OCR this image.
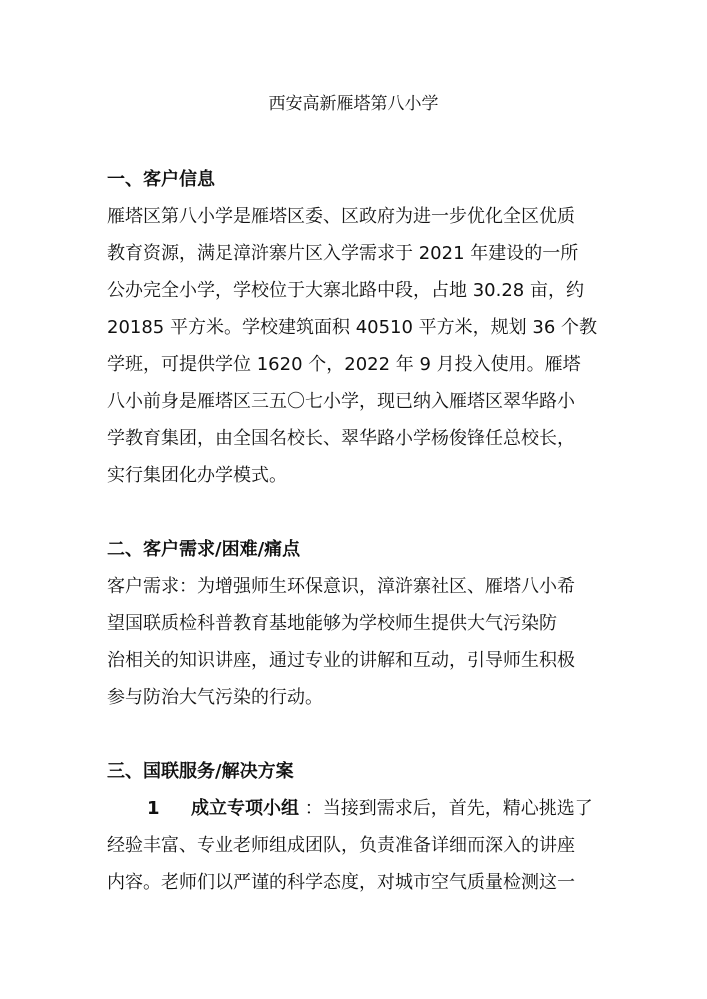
西安高新雁塔第八小学
一、客户信息
雁塔区第八小学是雁塔区委、区政府为进一步优化全区优质
教育资源，满足漳浒寨片区入学需求于 2021 年建设的一所
公办完全小学，学校位于大寨北路中段，占地 30.28 亩，约
20185 平方米。学校建筑面积 40510 平方米，规划 36 个教
学班，可提供学位 1620 个，2022 年 9 月投入使用。雁塔
八小前身是雁塔区三五〇七小学，现已纳入雁塔区翠华路小
学教育集团，由全国名校长、翠华路小学杨俊锋任总校长，
实行集团化办学模式。
二、客户需求/困难/痛点
客户需求：为增强师生环保意识，漳浒寨社区、雁塔八小希
望国联质检科普教育基地能够为学校师生提供大气污染防
治相关的知识讲座，通过专业的讲解和互动，引导师生积极
参与防治大气污染的行动。
三、国联服务/解决方案
1 成立专项小组 ：当接到需求后，首先，精心挑选了
经验丰富、专业老师组成团队，负责准备详细而深入的讲座
内容。老师们以严谨的科学态度，对城市空气质量检测这一
